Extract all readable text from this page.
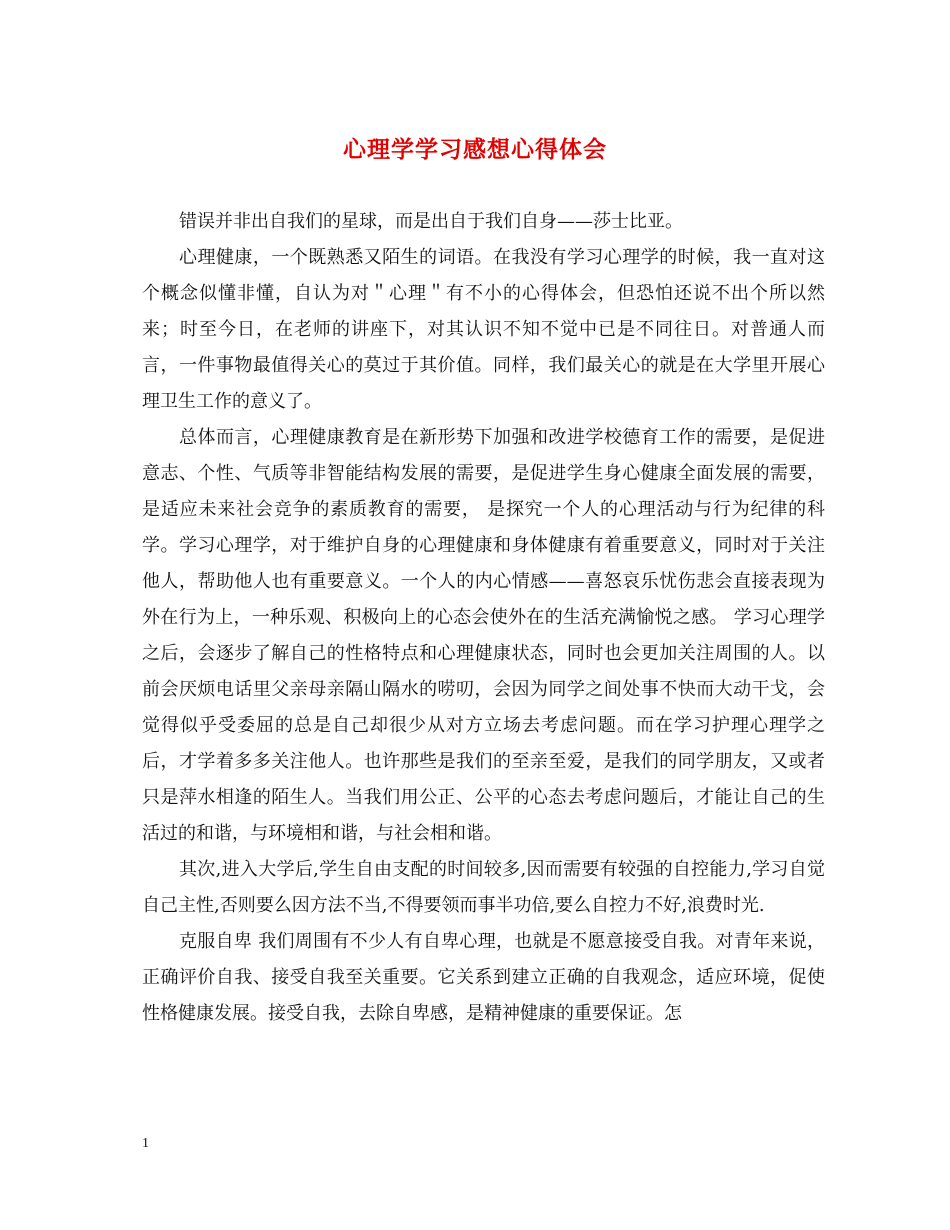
心理学学习感想心得体会

错误并非出自我们的星球，而是出自于我们自身——莎士比亚。

心理健康，一个既熟悉又陌生的词语。在我没有学习心理学的时候，我一直对这个概念似懂非懂，自认为对＂心理＂有不小的心得体会，但恐怕还说不出个所以然来；时至今日，在老师的讲座下，对其认识不知不觉中已是不同往日。对普通人而言，一件事物最值得关心的莫过于其价值。同样，我们最关心的就是在大学里开展心理卫生工作的意义了。

总体而言，心理健康教育是在新形势下加强和改进学校德育工作的需要，是促进意志、个性、气质等非智能结构发展的需要，是促进学生身心健康全面发展的需要，是适应未来社会竞争的素质教育的需要， 是探究一个人的心理活动与行为纪律的科学。学习心理学，对于维护自身的心理健康和身体健康有着重要意义，同时对于关注他人，帮助他人也有重要意义。一个人的内心情感——喜怒哀乐忧伤悲会直接表现为外在行为上，一种乐观、积极向上的心态会使外在的生活充满愉悦之感。 学习心理学之后，会逐步了解自己的性格特点和心理健康状态，同时也会更加关注周围的人。以前会厌烦电话里父亲母亲隔山隔水的唠叨，会因为同学之间处事不快而大动干戈，会觉得似乎受委屈的总是自己却很少从对方立场去考虑问题。而在学习护理心理学之后，才学着多多关注他人。也许那些是我们的至亲至爱，是我们的同学朋友，又或者只是萍水相逢的陌生人。当我们用公正、公平的心态去考虑问题后，才能让自己的生活过的和谐，与环境相和谐，与社会相和谐。

其次,进入大学后,学生自由支配的时间较多,因而需要有较强的自控能力,学习自觉自己主性,否则要么因方法不当,不得要领而事半功倍,要么自控力不好,浪费时光.

克服自卑 我们周围有不少人有自卑心理，也就是不愿意接受自我。对青年来说，正确评价自我、接受自我至关重要。它关系到建立正确的自我观念，适应环境，促使性格健康发展。接受自我，去除自卑感，是精神健康的重要保证。怎

1
